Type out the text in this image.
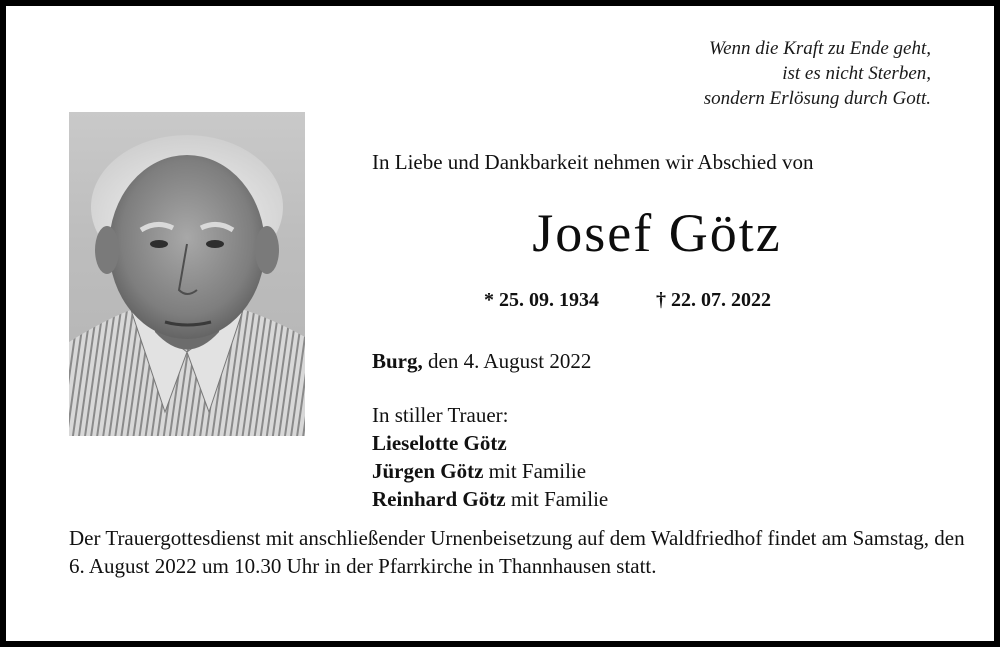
Wenn die Kraft zu Ende geht,
ist es nicht Sterben,
sondern Erlösung durch Gott.
In Liebe und Dankbarkeit nehmen wir Abschied von
Josef Götz
* 25. 09. 1934	† 22. 07. 2022
Burg, den 4. August 2022
In stiller Trauer:
Lieselotte Götz
Jürgen Götz mit Familie
Reinhard Götz mit Familie
Der Trauergottesdienst mit anschließender Urnenbeisetzung auf dem Waldfriedhof findet am Samstag, den 6. August 2022 um 10.30 Uhr in der Pfarrkirche in Thannhausen statt.
